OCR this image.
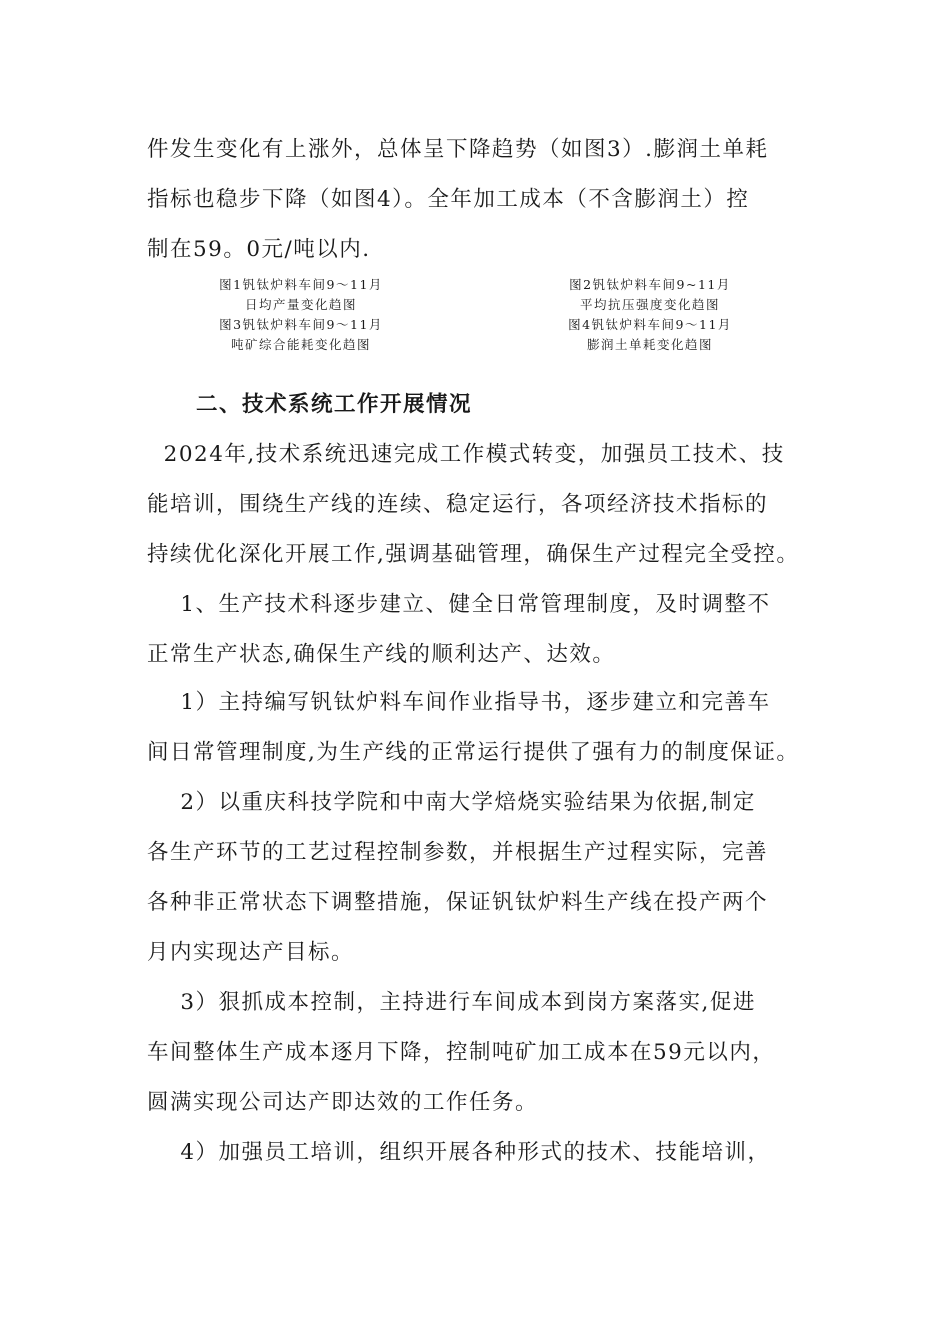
件发生变化有上涨外，总体呈下降趋势（如图3）.膨润土单耗
指标也稳步下降（如图4）。全年加工成本（不含膨润土）控
制在59。0元/吨以内.
图1钒钛炉料车间9～11月
日均产量变化趋图
图2钒钛炉料车间9~11月
平均抗压强度变化趋图
图3钒钛炉料车间9～11月
吨矿综合能耗变化趋图
图4钒钛炉料车间9～11月
膨润土单耗变化趋图
二、技术系统工作开展情况
2024年,技术系统迅速完成工作模式转变，加强员工技术、技
能培训，围绕生产线的连续、稳定运行，各项经济技术指标的
持续优化深化开展工作,强调基础管理，确保生产过程完全受控。
1、生产技术科逐步建立、健全日常管理制度，及时调整不
正常生产状态,确保生产线的顺利达产、达效。
1）主持编写钒钛炉料车间作业指导书，逐步建立和完善车
间日常管理制度,为生产线的正常运行提供了强有力的制度保证。
2）以重庆科技学院和中南大学焙烧实验结果为依据,制定
各生产环节的工艺过程控制参数，并根据生产过程实际，完善
各种非正常状态下调整措施，保证钒钛炉料生产线在投产两个
月内实现达产目标。
3）狠抓成本控制，主持进行车间成本到岗方案落实,促进
车间整体生产成本逐月下降，控制吨矿加工成本在59元以内，
圆满实现公司达产即达效的工作任务。
4）加强员工培训，组织开展各种形式的技术、技能培训，
